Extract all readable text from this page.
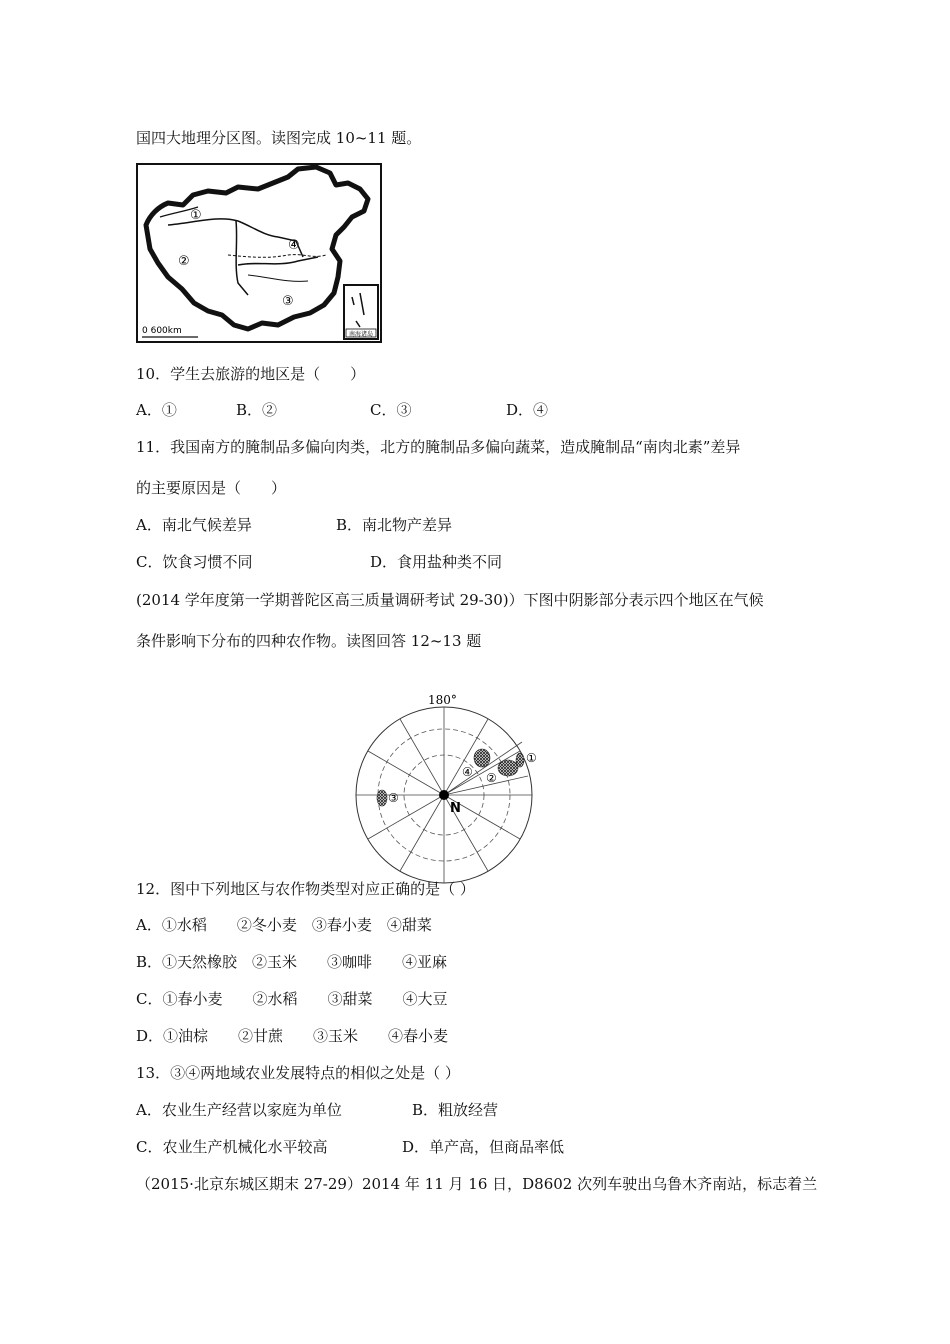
国四大地理分区图。读图完成 10~11 题。
①
②
③
④
南海诸岛
0 600km
10．学生去旅游的地区是（　　）
A．①	B．②	C．③	D．④
11．我国南方的腌制品多偏向肉类，北方的腌制品多偏向蔬菜，造成腌制品“南肉北素”差异
的主要原因是（　　）
A．南北气候差异	B．南北物产差异
C．饮食习惯不同	D．食用盐种类不同
(2014 学年度第一学期普陀区高三质量调研考试 29-30)）下图中阴影部分表示四个地区在气候
条件影响下分布的四种农作物。读图回答 12~13 题
180°
①
②
④
③
N
12．图中下列地区与农作物类型对应正确的是（ ）
A．①水稻　　②冬小麦　③春小麦　④甜菜
B．①天然橡胶　②玉米　　③咖啡　　④亚麻
C．①春小麦　　②水稻　　③甜菜　　④大豆
D．①油棕　　②甘蔗　　③玉米　　④春小麦
13．③④两地域农业发展特点的相似之处是（ ）
A．农业生产经营以家庭为单位	B．粗放经营
C．农业生产机械化水平较高	D．单产高，但商品率低
（2015·北京东城区期末 27-29）2014 年 11 月 16 日，D8602 次列车驶出乌鲁木齐南站，标志着兰
